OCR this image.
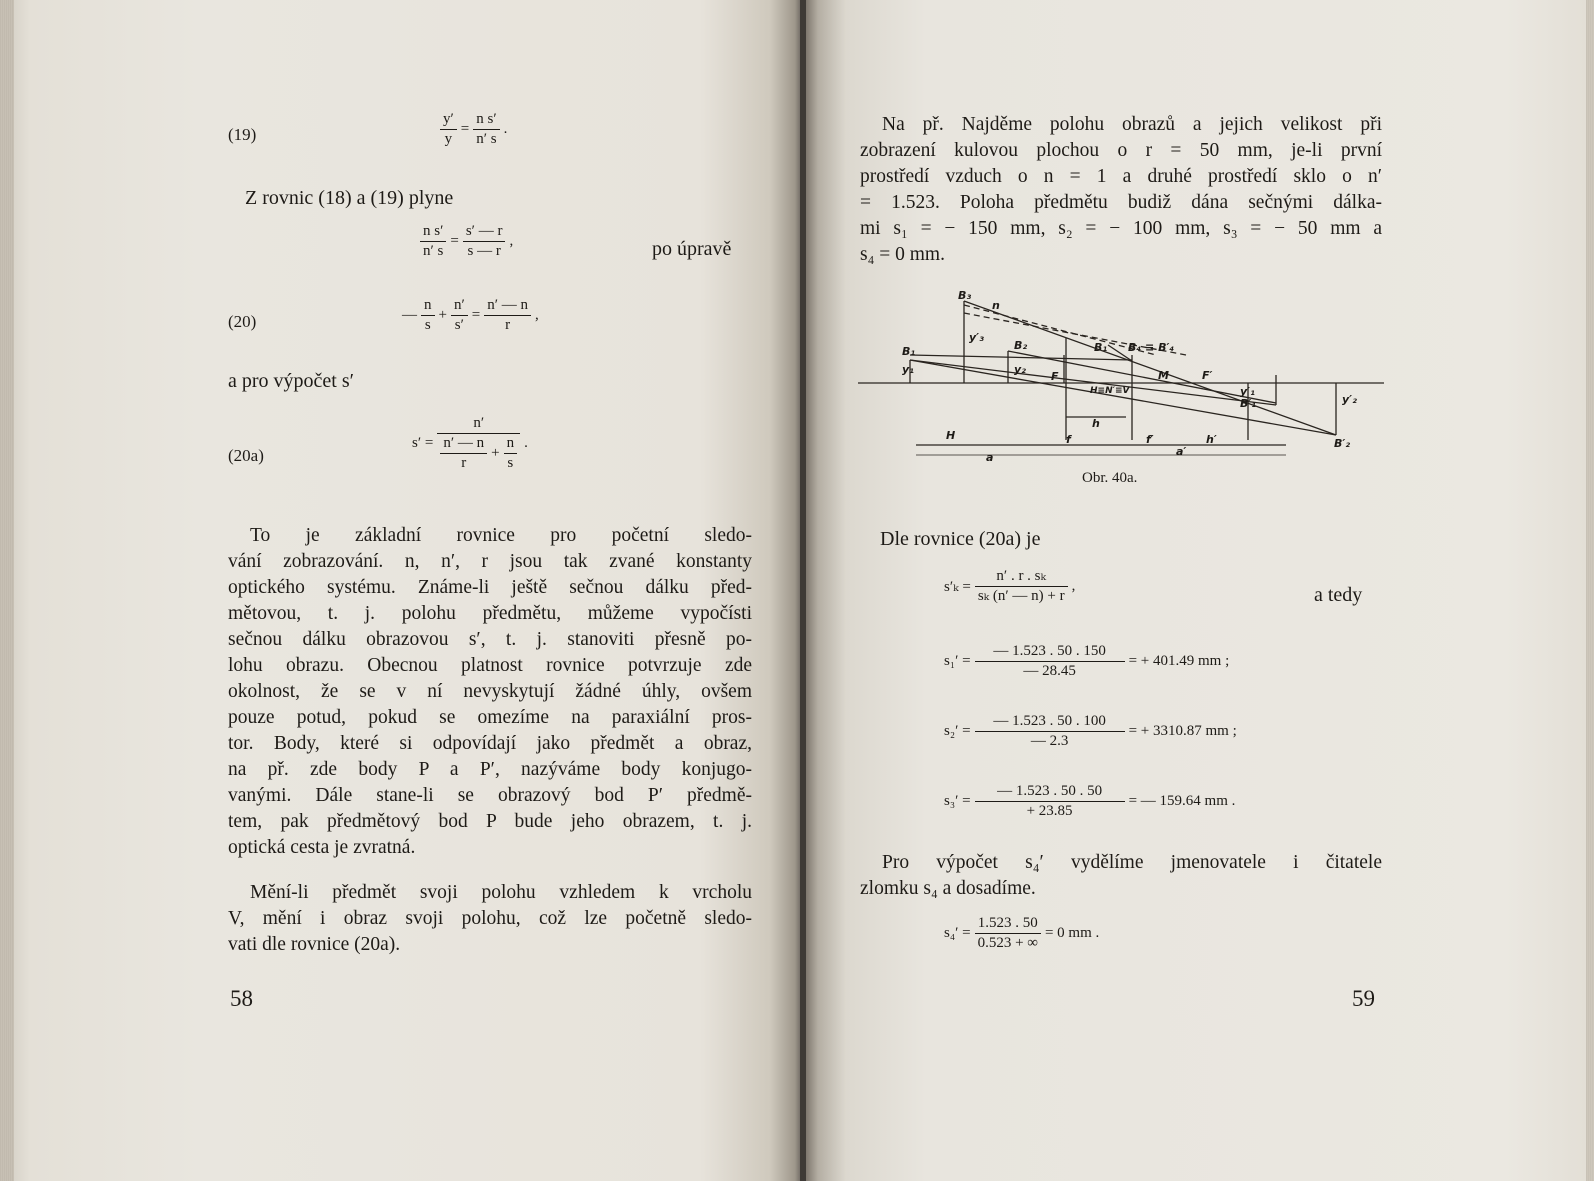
(19)	$\frac{y'}{y} = \frac{\text{n s′}}{n' s}$ .
Z rovnic (18) a (19) plyne
$\frac{\text{n s′}}{n' s} = \frac{s' — r}{s — r}$ ,	po úpravě
(20)	— $\frac{n}{s} + \frac{n'}{s'} = \frac{n' — n}{r}$ ,
a pro výpočet s′
(20a)
$s' = \frac{n'}{\frac{n' — n}{r} + \frac{n}{s}}$ .
To je základní rovnice pro početní sledo-
vání zobrazování. n, n′, r jsou tak zvané konstanty
optického systému. Známe-li ještě sečnou dálku před-
mětovou, t. j. polohu předmětu, můžeme vypočísti
sečnou dálku obrazovou s′, t. j. stanoviti přesně po-
lohu obrazu. Obecnou platnost rovnice potvrzuje zde
okolnost, že se v ní nevyskytují žádné úhly, ovšem
pouze potud, pokud se omezíme na paraxiální pros-
tor. Body, které si odpovídají jako předmět a obraz,
na př. zde body P a P′, nazýváme body konjugo-
vanými. Dále stane-li se obrazový bod P′ předmě-
tem, pak předmětový bod P bude jeho obrazem, t. j.
optická cesta je zvratná.
Mění-li předmět svoji polohu vzhledem k vrcholu
V, mění i obraz svoji polohu, což lze početně sledo-
vati dle rovnice (20a).
58
Na př. Najděme polohu obrazů a jejich velikost při
zobrazení kulovou plochou o r = 50 mm, je-li první
prostředí vzduch o n = 1 a druhé prostředí sklo o n′
= 1.523. Poloha předmětu budiž dána sečnými dálka-
mi s₁ = − 150 mm, s₂ = − 100 mm, s₃ = − 50 mm a
s₄ = 0 mm.
B₃
n
y′₃
B₁
y₁
B₂
y₂
F
B₁ B₄ ≡ B′₄
H≡N′≡V
M	F′
y′₁
B′₁	y′₂
B′₂
H	f
h
f′	h′
a	a′
Obr. 40a.
Dle rovnice (20a) je
$s'_k = \frac{\text{n′ . r . sₖ}}{\text{sₖ (n′ — n) + r}}$ ,	a tedy
$s_1' = \frac{— 1.523 . 50 . 150}{— 28.45}$ = + 401.49 mm ;
$s_2' = \frac{— 1.523 . 50 . 100}{— 2.3}$ = + 3310.87 mm ;
$s_3' = \frac{— 1.523 . 50 . 50}{+ 23.85}$ = — 159.64 mm .
Pro výpočet s₄′ vydělíme jmenovatele i čitatele
zlomku s₄ a dosadíme.
$s_4' = \frac{1.523 . 50}{0.523 + \infty} = 0$ mm .
59
